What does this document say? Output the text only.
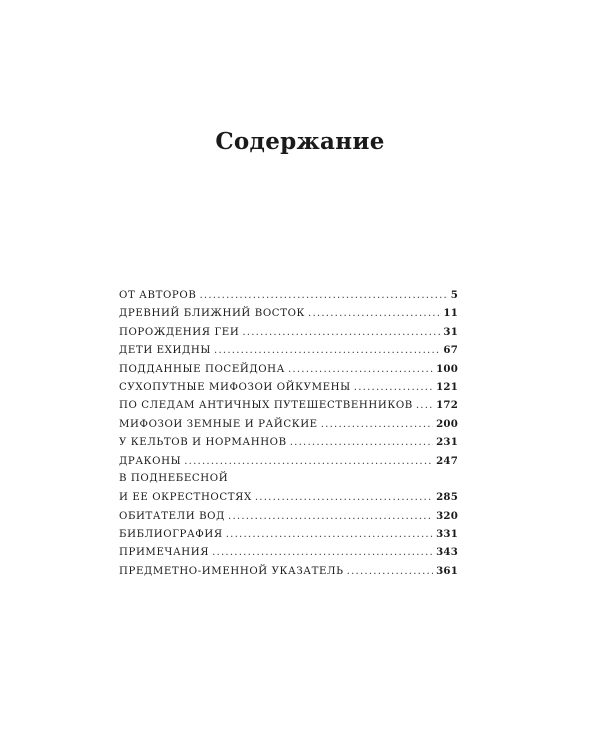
Содержание
ОТ АВТОРОВ .....	5
ДРЕВНИЙ БЛИЖНИЙ ВОСТОК .....	11
ПОРОЖДЕНИЯ ГЕИ .....	31
ДЕТИ ЕХИДНЫ .....	67
ПОДДАННЫЕ ПОСЕЙДОНА .....	100
СУХОПУТНЫЕ МИФОЗОИ ОЙКУМЕНЫ .....	121
ПО СЛЕДАМ АНТИЧНЫХ ПУТЕШЕСТВЕННИКОВ ..... 172
МИФОЗОИ ЗЕМНЫЕ И РАЙСКИЕ .....	200
У КЕЛЬТОВ И НОРМАННОВ .....	231
ДРАКОНЫ .....	247
В ПОДНЕБЕСНОЙ
И ЕЕ ОКРЕСТНОСТЯХ .....	285
ОБИТАТЕЛИ ВОД .....	320
БИБЛИОГРАФИЯ .....	331
ПРИМЕЧАНИЯ .....	343
ПРЕДМЕТНО-ИМЕННОЙ УКАЗАТЕЛЬ .....	361
